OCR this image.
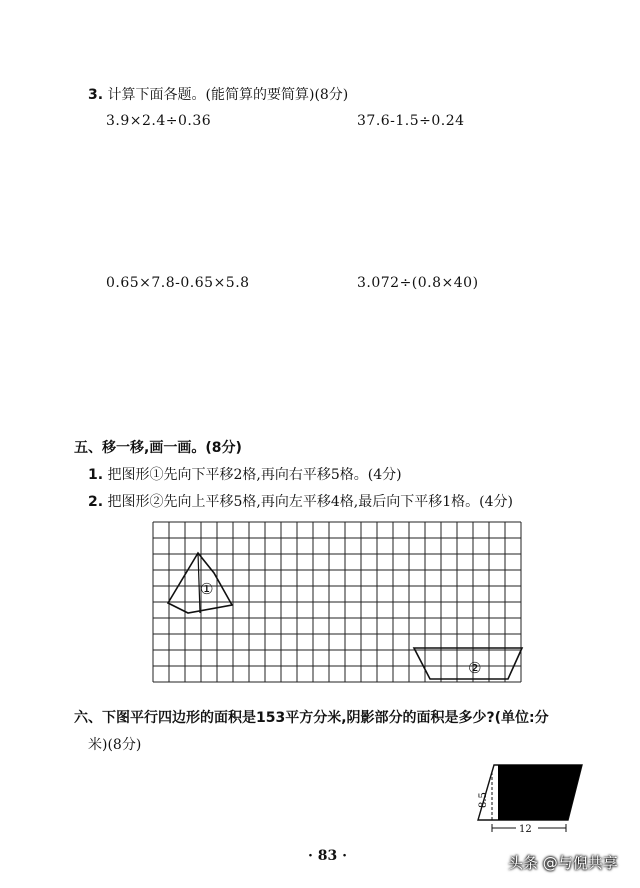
3. 计算下面各题。(能简算的要简算)(8分)
3.9×2.4÷0.36	37.6-1.5÷0.24
0.65×7.8-0.65×5.8	3.072÷(0.8×40)
五、移一移,画一画。(8分)
1. 把图形①先向下平移2格,再向右平移5格。(4分)
2. 把图形②先向上平移5格,再向左平移4格,最后向下平移1格。(4分)
①
②
六、下图平行四边形的面积是153平方分米,阴影部分的面积是多少?(单位:分
米)(8分)
8.5
12
· 83 ·	头条 @与倪共享
